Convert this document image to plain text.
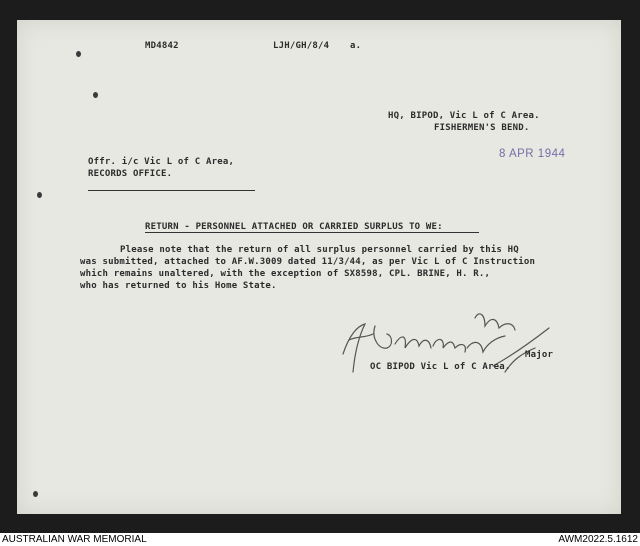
MD4842	LJH/GH/8/4 a.
HQ, BIPOD, Vic L of C Area.
FISHERMEN'S BEND.
8 APR 1944
Offr. i/c Vic L of C Area,
RECORDS OFFICE.
RETURN - PERSONNEL ATTACHED OR CARRIED SURPLUS TO WE:
Please note that the return of all surplus personnel carried by this HQ
was submitted, attached to AF.W.3009 dated 11/3/44, as per Vic L of C Instruction
which remains unaltered, with the exception of SX8598, CPL. BRINE, H. R.,
who has returned to his Home State.
Major
OC BIPOD Vic L of C Area.
AUSTRALIAN WAR MEMORIAL	AWM2022.5.1612
